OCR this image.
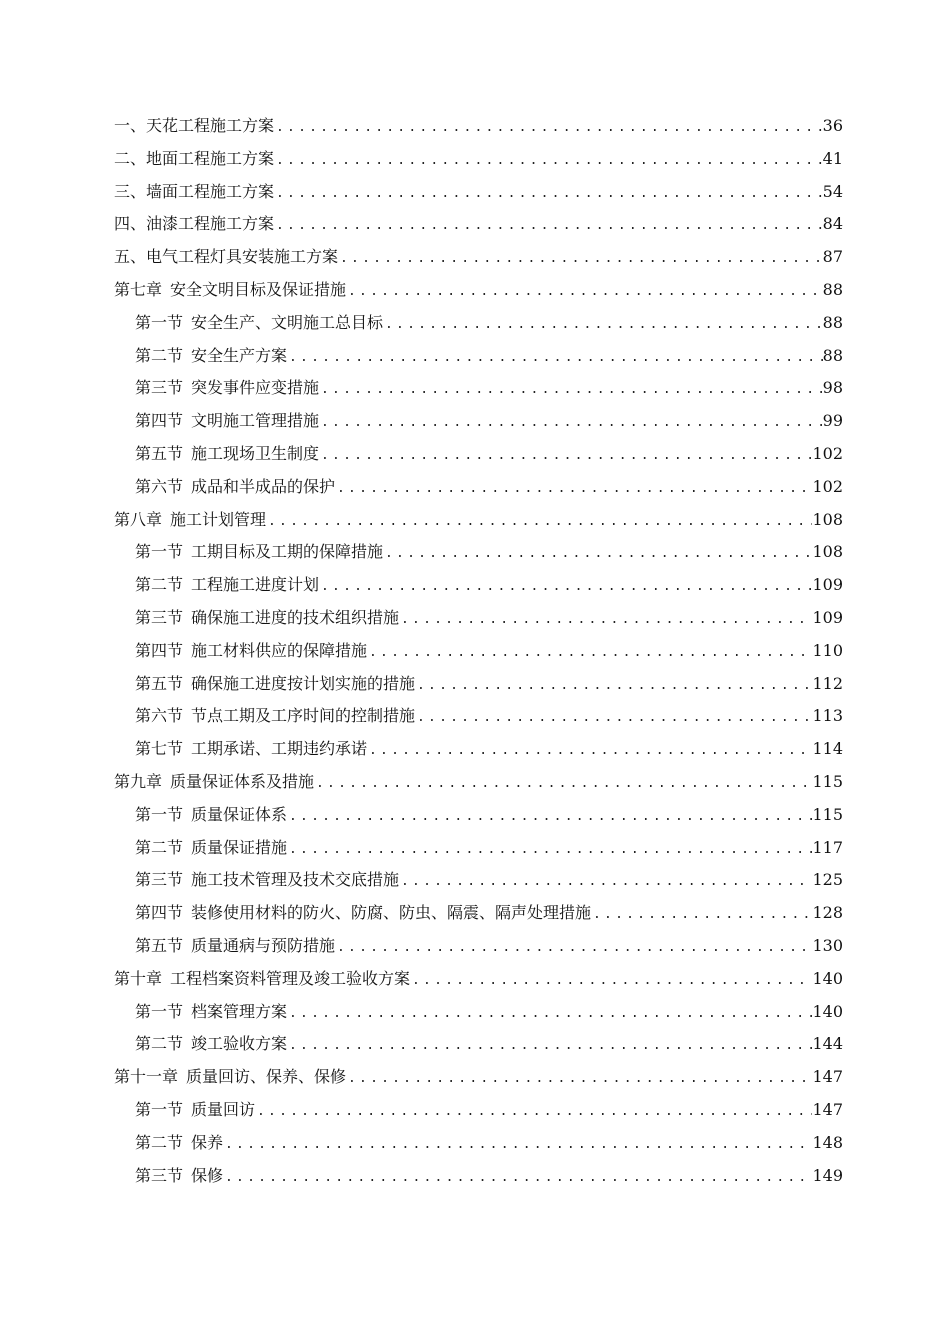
一、天花工程施工方案 .....	36
二、地面工程施工方案 .....	41
三、墙面工程施工方案 .....	54
四、油漆工程施工方案 .....	84
五、电气工程灯具安装施工方案 .....	87
第七章 安全文明目标及保证措施 .....	88
第一节 安全生产、文明施工总目标 .....	88
第二节 安全生产方案 .....	88
第三节 突发事件应变措施 .....	98
第四节 文明施工管理措施 .....	99
第五节 施工现场卫生制度 .....	102
第六节 成品和半成品的保护 .....	102
第八章 施工计划管理 .....	108
第一节 工期目标及工期的保障措施 .....	108
第二节 工程施工进度计划 .....	109
第三节 确保施工进度的技术组织措施 .....	109
第四节 施工材料供应的保障措施 .....	110
第五节 确保施工进度按计划实施的措施 .....	112
第六节 节点工期及工序时间的控制措施 .....	113
第七节 工期承诺、工期违约承诺 .....	114
第九章 质量保证体系及措施 .....	115
第一节 质量保证体系 .....	115
第二节 质量保证措施 .....	117
第三节 施工技术管理及技术交底措施 .....	125
第四节 装修使用材料的防火、防腐、防虫、隔震、隔声处理措施 .....	128
第五节 质量通病与预防措施 .....	130
第十章 工程档案资料管理及竣工验收方案 .....	140
第一节 档案管理方案 .....	140
第二节 竣工验收方案 .....	144
第十一章 质量回访、保养、保修 .....	147
第一节 质量回访 .....	147
第二节 保养 .....	148
第三节 保修 .....	149
